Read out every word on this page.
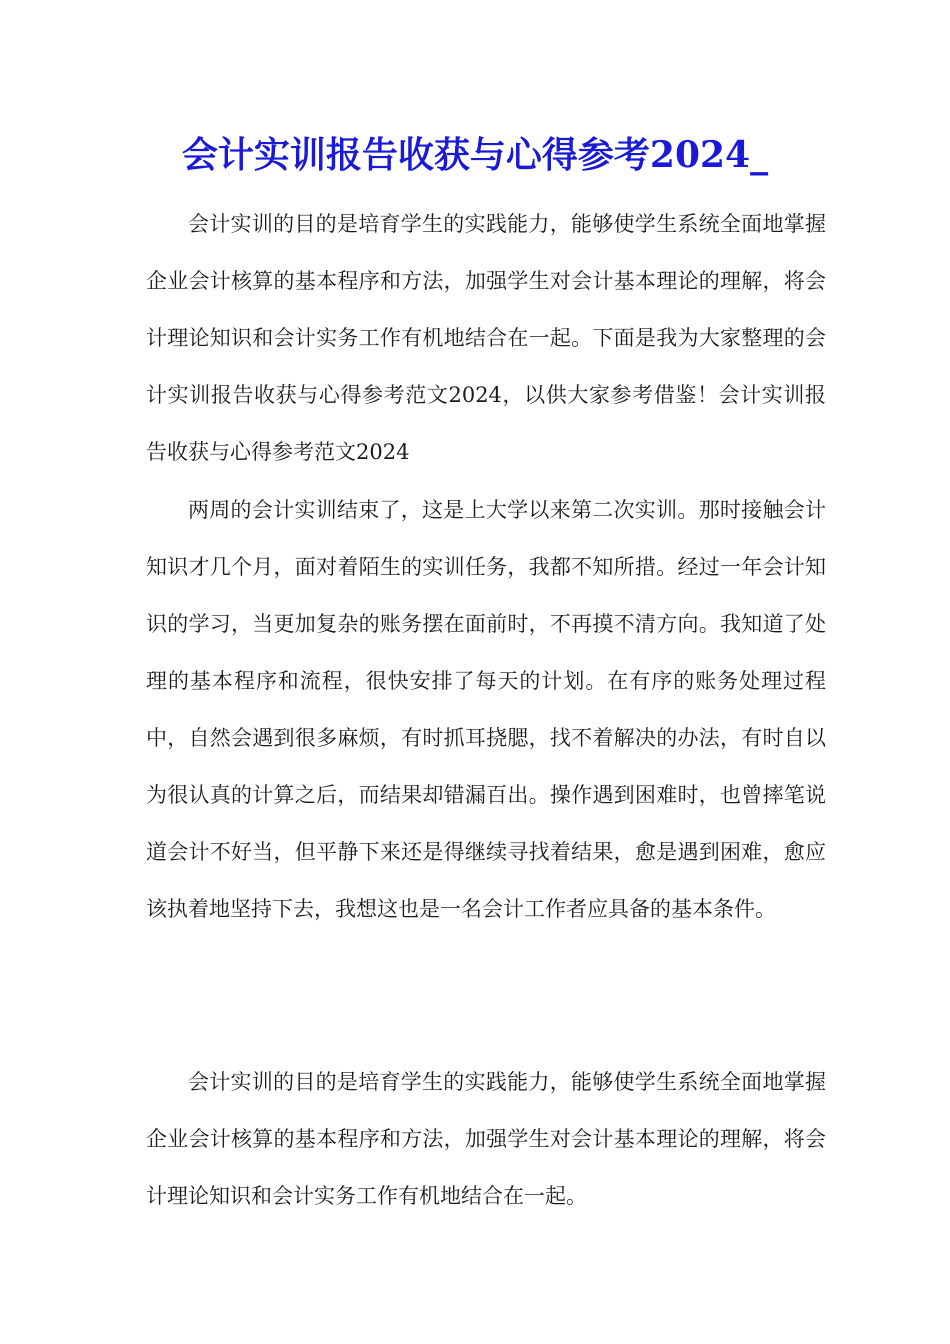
会计实训报告收获与心得参考2024_

会计实训的目的是培育学生的实践能力，能够使学生系统全面地掌握企业会计核算的基本程序和方法，加强学生对会计基本理论的理解，将会计理论知识和会计实务工作有机地结合在一起。下面是我为大家整理的会计实训报告收获与心得参考范文2024，以供大家参考借鉴！会计实训报告收获与心得参考范文2024

两周的会计实训结束了，这是上大学以来第二次实训。那时接触会计知识才几个月，面对着陌生的实训任务，我都不知所措。经过一年会计知识的学习，当更加复杂的账务摆在面前时，不再摸不清方向。我知道了处理的基本程序和流程，很快安排了每天的计划。在有序的账务处理过程中，自然会遇到很多麻烦，有时抓耳挠腮，找不着解决的办法，有时自以为很认真的计算之后，而结果却错漏百出。操作遇到困难时，也曾摔笔说道会计不好当，但平静下来还是得继续寻找着结果，愈是遇到困难，愈应该执着地坚持下去，我想这也是一名会计工作者应具备的基本条件。

会计实训的目的是培育学生的实践能力，能够使学生系统全面地掌握企业会计核算的基本程序和方法，加强学生对会计基本理论的理解，将会计理论知识和会计实务工作有机地结合在一起。
